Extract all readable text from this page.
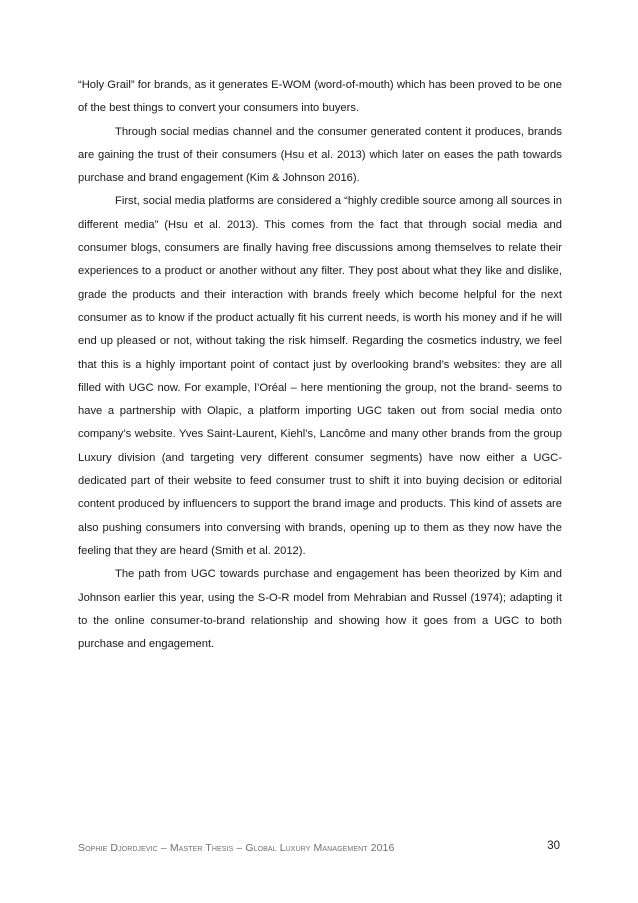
“Holy Grail” for brands, as it generates E-WOM (word-of-mouth) which has been proved to be one of the best things to convert your consumers into buyers.

Through social medias channel and the consumer generated content it produces, brands are gaining the trust of their consumers (Hsu et al. 2013) which later on eases the path towards purchase and brand engagement (Kim & Johnson 2016).

First, social media platforms are considered a “highly credible source among all sources in different media” (Hsu et al. 2013). This comes from the fact that through social media and consumer blogs, consumers are finally having free discussions among themselves to relate their experiences to a product or another without any filter. They post about what they like and dislike, grade the products and their interaction with brands freely which become helpful for the next consumer as to know if the product actually fit his current needs, is worth his money and if he will end up pleased or not, without taking the risk himself. Regarding the cosmetics industry, we feel that this is a highly important point of contact just by overlooking brand’s websites: they are all filled with UGC now. For example, l’Oréal – here mentioning the group, not the brand- seems to have a partnership with Olapic, a platform importing UGC taken out from social media onto company’s website. Yves Saint-Laurent, Kiehl’s, Lancôme and many other brands from the group Luxury division (and targeting very different consumer segments) have now either a UGC-dedicated part of their website to feed consumer trust to shift it into buying decision or editorial content produced by influencers to support the brand image and products. This kind of assets are also pushing consumers into conversing with brands, opening up to them as they now have the feeling that they are heard (Smith et al. 2012).

The path from UGC towards purchase and engagement has been theorized by Kim and Johnson earlier this year, using the S-O-R model from Mehrabian and Russel (1974); adapting it to the online consumer-to-brand relationship and showing how it goes from a UGC to both purchase and engagement.

Sophie Djordjevic – Master Thesis – Global Luxury Management 2016	30
